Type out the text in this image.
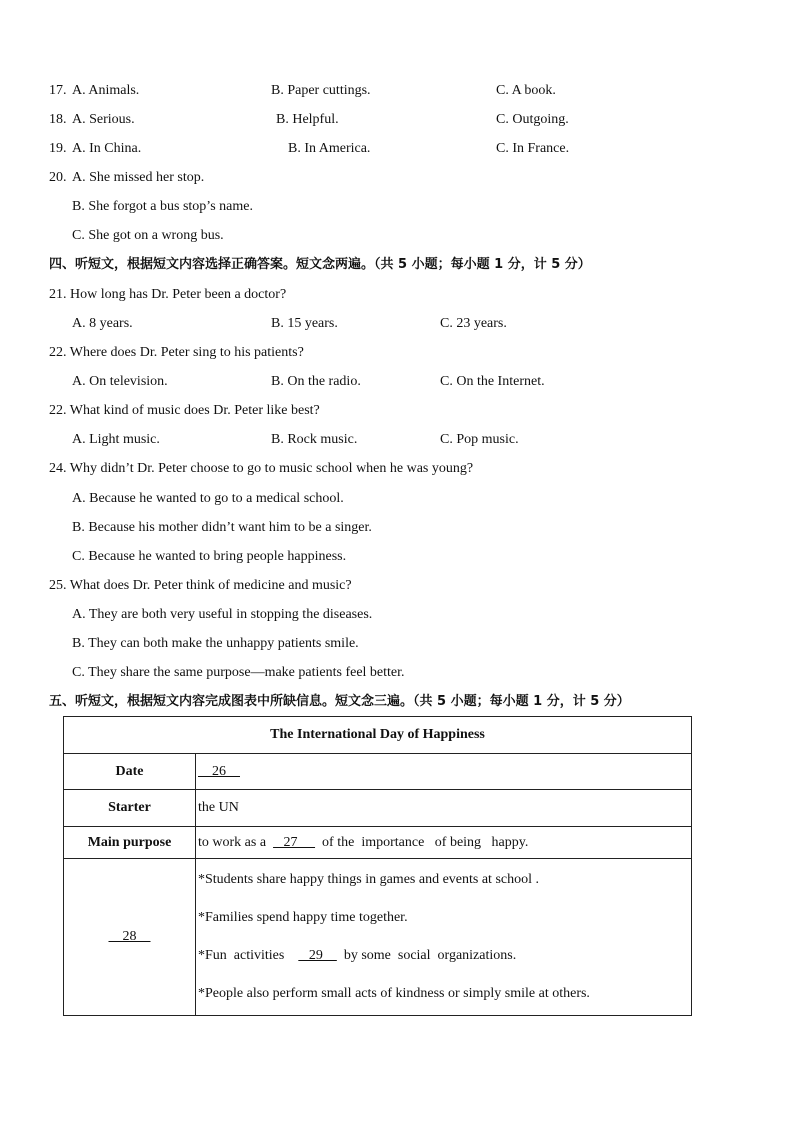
17. A. Animals.	B. Paper cuttings.	C. A book.
18. A. Serious.	B. Helpful.	C. Outgoing.
19. A. In China.	B. In America.	C. In France.
20. A. She missed her stop.
B. She forgot a bus stop’s name.
C. She got on a wrong bus.
四、听短文，根据短文内容选择正确答案。短文念两遍。（共 5 小题；每小题 1 分，计 5 分）
21. How long has Dr. Peter been a doctor?
A. 8 years.	B. 15 years.	C. 23 years.
22. Where does Dr. Peter sing to his patients?
A. On television.	B. On the radio.	C. On the Internet.
22. What kind of music does Dr. Peter like best?
A. Light music.	B. Rock music.	C. Pop music.
24. Why didn’t Dr. Peter choose to go to music school when he was young?
A. Because he wanted to go to a medical school.
B. Because his mother didn’t want him to be a singer.
C. Because he wanted to bring people happiness.
25. What does Dr. Peter think of medicine and music?
A. They are both very useful in stopping the diseases.
B. They can both make the unhappy patients smile.
C. They share the same purpose—make patients feel better.
五、听短文，根据短文内容完成图表中所缺信息。短文念三遍。（共 5 小题；每小题 1 分，计 5 分）
The International Day of Happiness	
Date	26
Starter	the UN
Main purpose	to work as a     27       of the  importance   of being   happy.
28	*Students share happy things in games and events at school .
*Families spend happy time together.
*Fun  activities       29      by some  social  organizations.
*People also perform small acts of kindness or simply smile at others.
